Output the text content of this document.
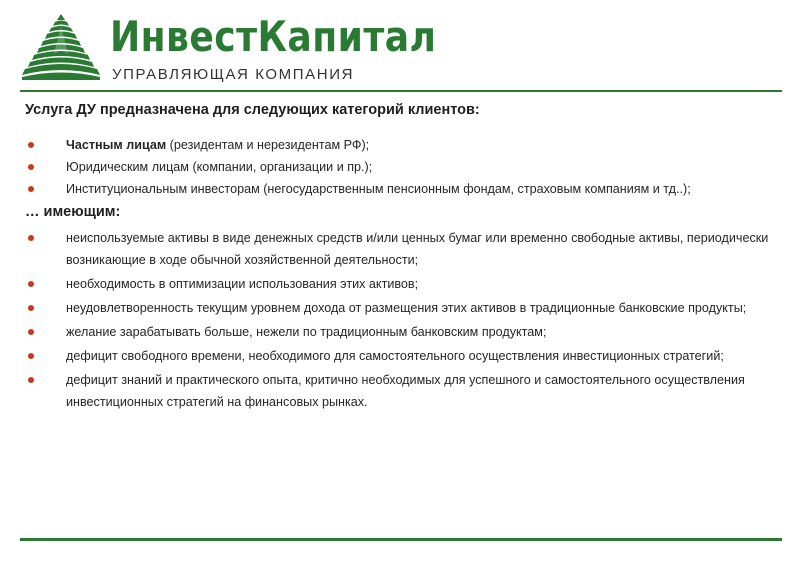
ИнвестКапитал
УПРАВЛЯЮЩАЯ КОМПАНИЯ

Услуга ДУ предназначена для следующих категорий клиентов:

Частным лицам (резидентам и нерезидентам РФ);
Юридическим лицам (компании, организации и пр.);
Институциональным инвесторам (негосударственным пенсионным фондам, страховым компаниям и тд..);

… имеющим:

неиспользуемые активы в виде денежных средств и/или ценных бумаг или временно свободные активы, периодически возникающие в ходе обычной хозяйственной деятельности;
необходимость в оптимизации использования этих активов;
неудовлетворенность текущим уровнем дохода от размещения этих активов в традиционные банковские продукты;
желание зарабатывать больше, нежели по традиционным банковским продуктам;
дефицит свободного времени, необходимого для самостоятельного осуществления инвестиционных стратегий;
дефицит знаний и практического опыта, критично необходимых для успешного и самостоятельного осуществления инвестиционных стратегий на финансовых рынках.
